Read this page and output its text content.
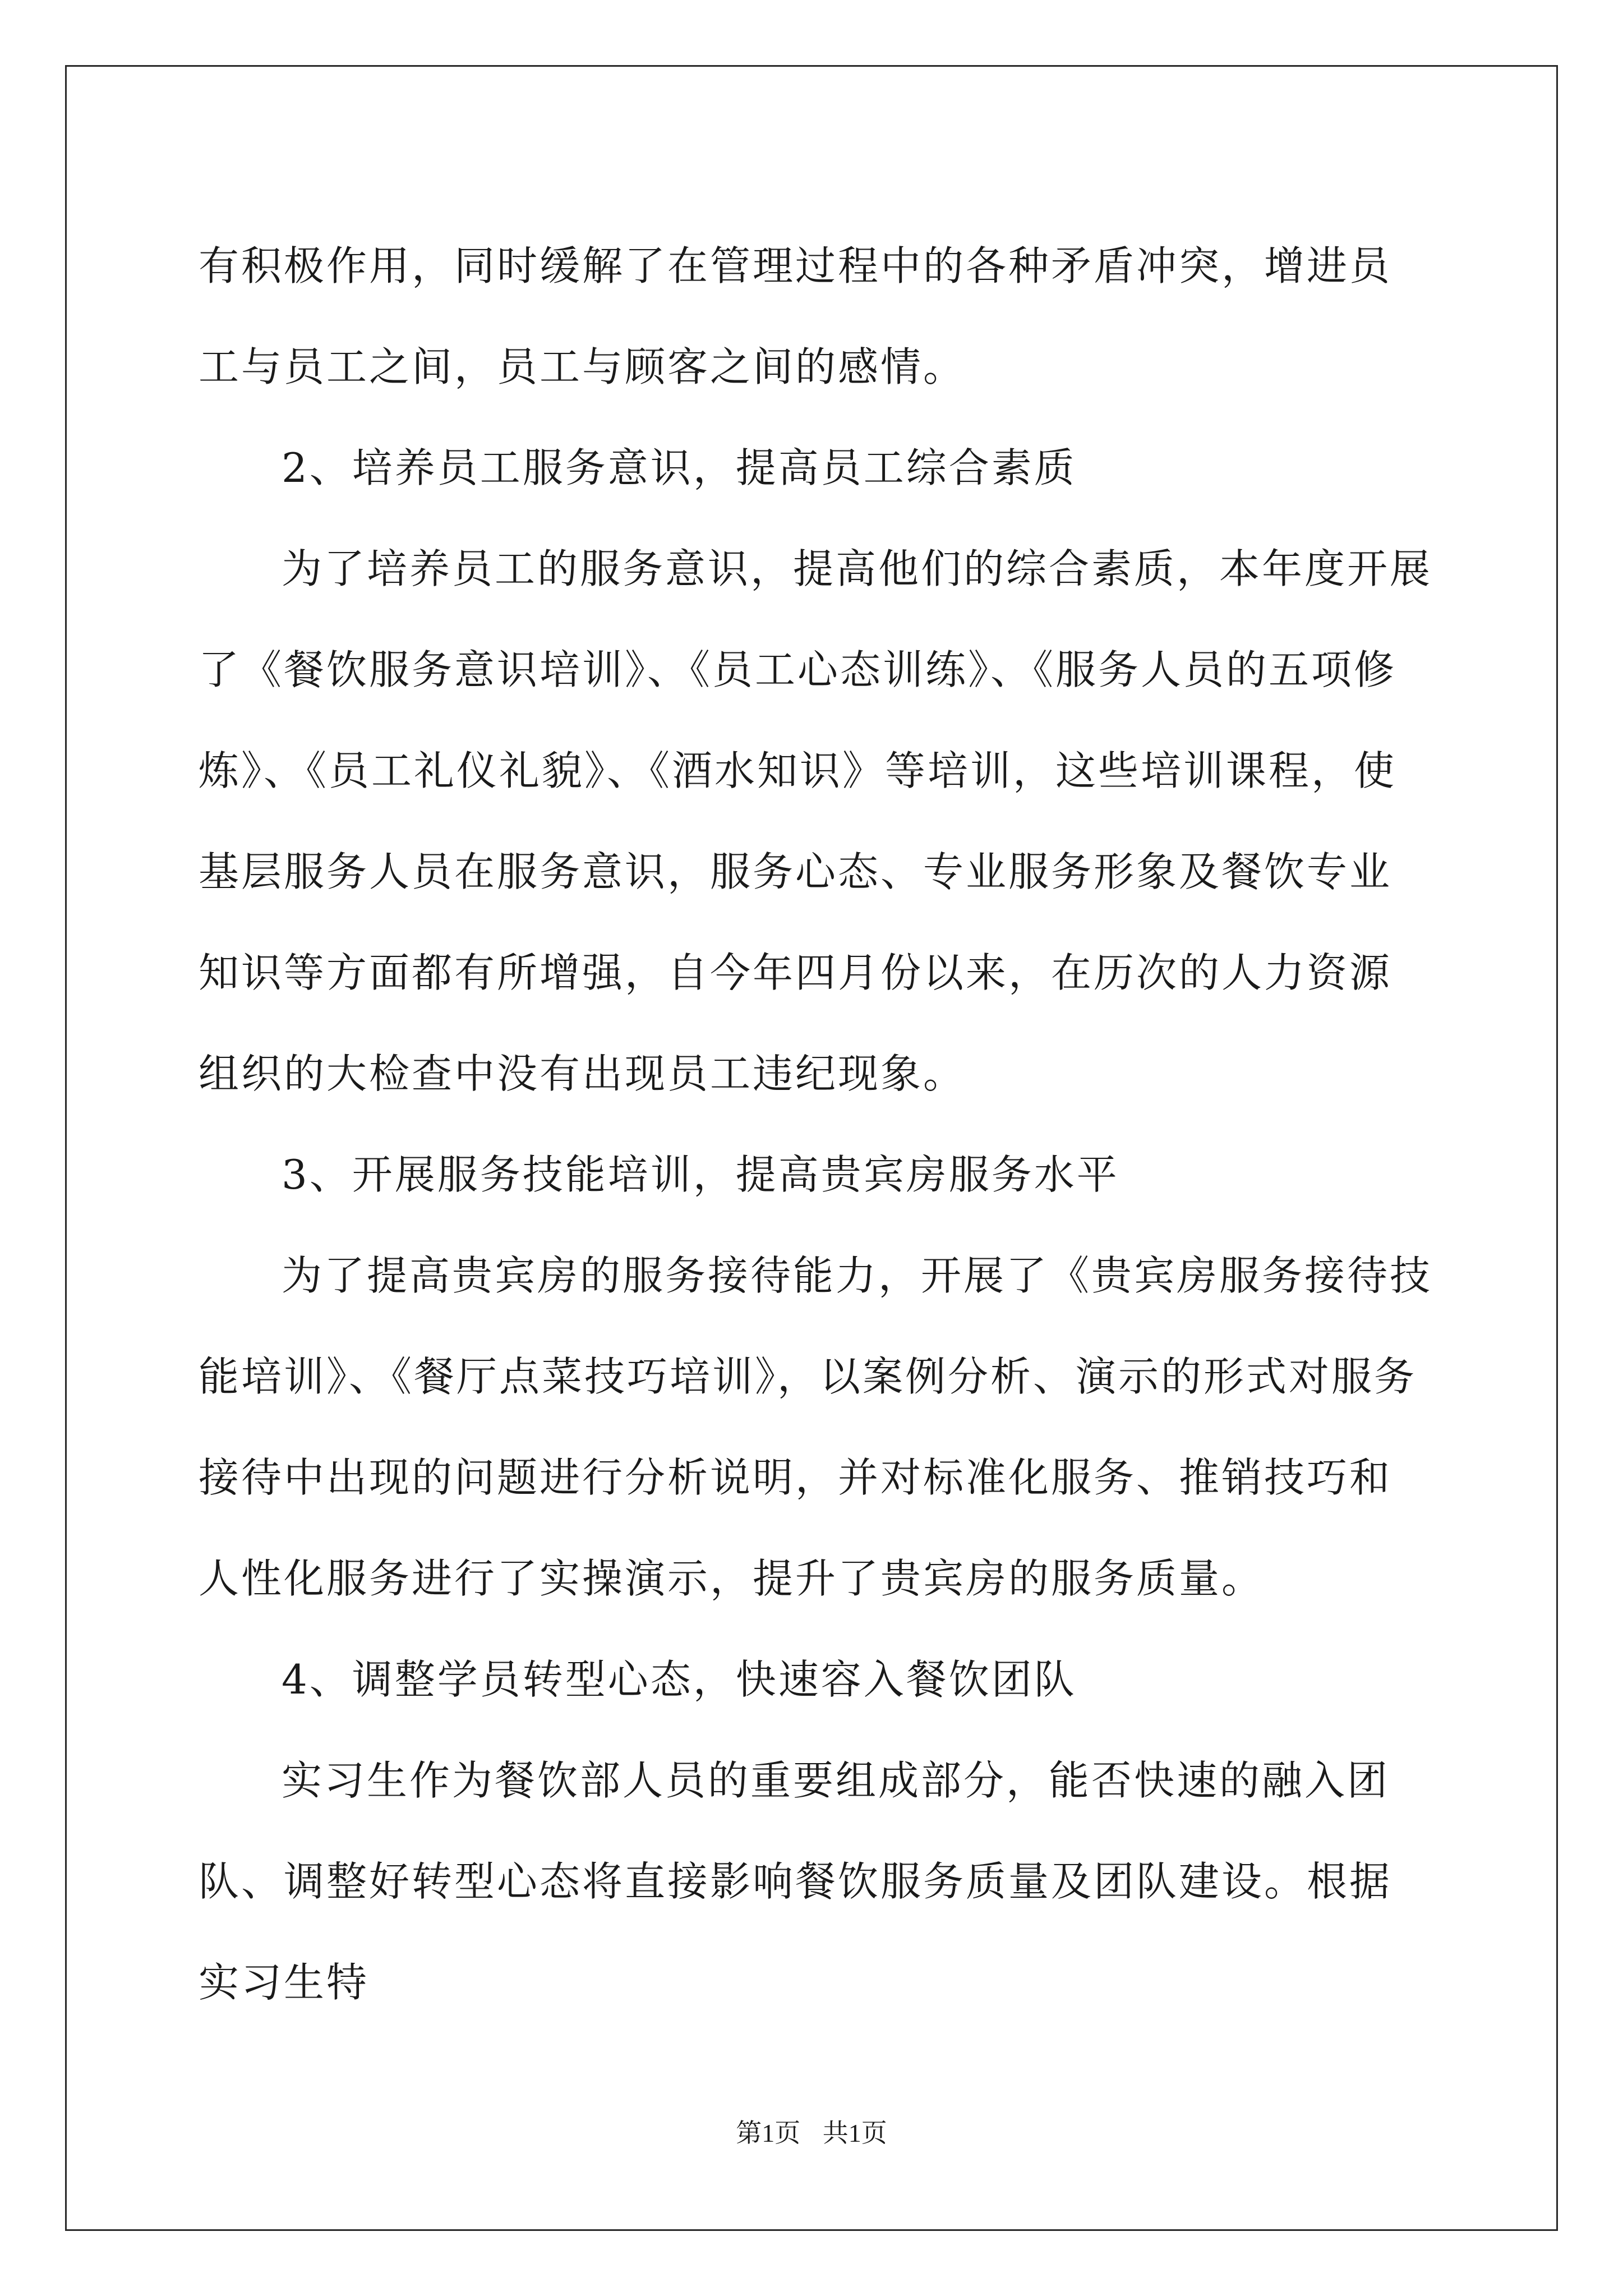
有积极作用，同时缓解了在管理过程中的各种矛盾冲突，增进员工与员工之间，员工与顾客之间的感情。

2、培养员工服务意识，提高员工综合素质

为了培养员工的服务意识，提高他们的综合素质，本年度开展了《餐饮服务意识培训》、《员工心态训练》、《服务人员的五项修炼》、《员工礼仪礼貌》、《酒水知识》等培训，这些培训课程，使基层服务人员在服务意识，服务心态、专业服务形象及餐饮专业知识等方面都有所增强，自今年四月份以来，在历次的人力资源组织的大检查中没有出现员工违纪现象。

3、开展服务技能培训，提高贵宾房服务水平

为了提高贵宾房的服务接待能力，开展了《贵宾房服务接待技能培训》、《餐厅点菜技巧培训》，以案例分析、演示的形式对服务接待中出现的问题进行分析说明，并对标准化服务、推销技巧和人性化服务进行了实操演示，提升了贵宾房的服务质量。

4、调整学员转型心态，快速容入餐饮团队

实习生作为餐饮部人员的重要组成部分，能否快速的融入团队、调整好转型心态将直接影响餐饮服务质量及团队建设。根据实习生特

第1页 共1页
